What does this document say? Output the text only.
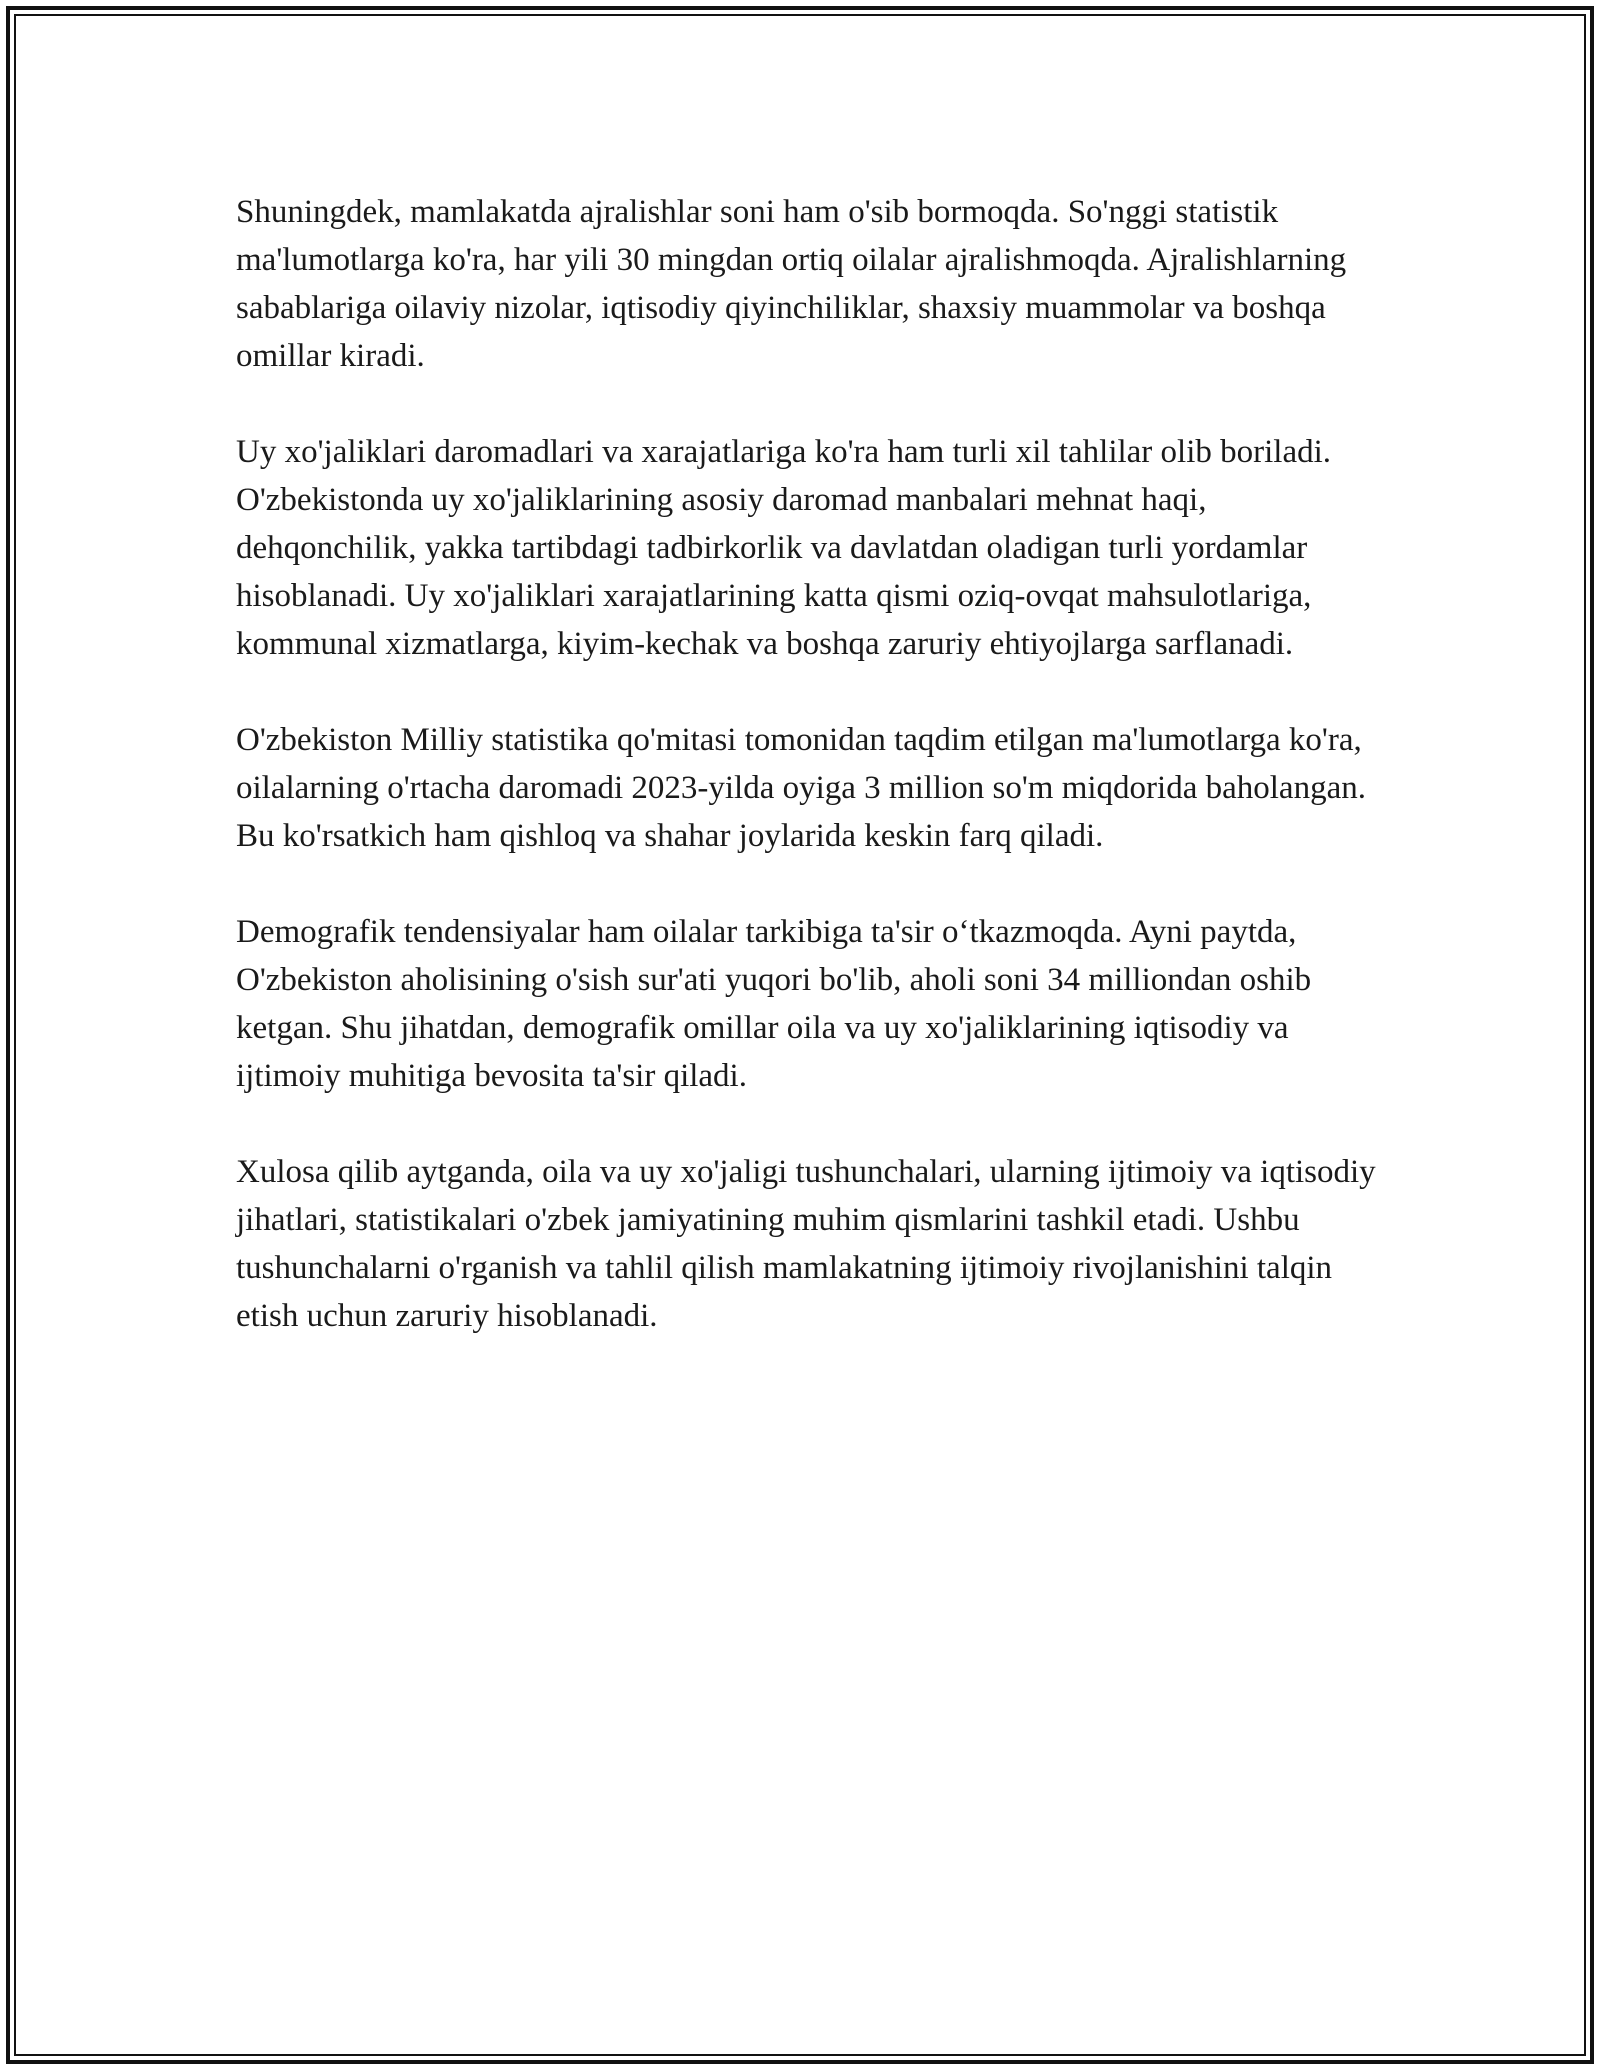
Shuningdek, mamlakatda ajralishlar soni ham o'sib bormoqda. So'nggi statistik ma'lumotlarga ko'ra, har yili 30 mingdan ortiq oilalar ajralishmoqda. Ajralishlarning sabablariga oilaviy nizolar, iqtisodiy qiyinchiliklar, shaxsiy muammolar va boshqa omillar kiradi.

Uy xo'jaliklari daromadlari va xarajatlariga ko'ra ham turli xil tahlilar olib boriladi. O'zbekistonda uy xo'jaliklarining asosiy daromad manbalari mehnat haqi, dehqonchilik, yakka tartibdagi tadbirkorlik va davlatdan oladigan turli yordamlar hisoblanadi. Uy xo'jaliklari xarajatlarining katta qismi oziq-ovqat mahsulotlariga, kommunal xizmatlarga, kiyim-kechak va boshqa zaruriy ehtiyojlarga sarflanadi.

O'zbekiston Milliy statistika qo'mitasi tomonidan taqdim etilgan ma'lumotlarga ko'ra, oilalarning o'rtacha daromadi 2023-yilda oyiga 3 million so'm miqdorida baholangan. Bu ko'rsatkich ham qishloq va shahar joylarida keskin farq qiladi.

Demografik tendensiyalar ham oilalar tarkibiga ta'sir o‘tkazmoqda. Ayni paytda, O'zbekiston aholisining o'sish sur'ati yuqori bo'lib, aholi soni 34 milliondan oshib ketgan. Shu jihatdan, demografik omillar oila va uy xo'jaliklarining iqtisodiy va ijtimoiy muhitiga bevosita ta'sir qiladi.

Xulosa qilib aytganda, oila va uy xo'jaligi tushunchalari, ularning ijtimoiy va iqtisodiy jihatlari, statistikalari o'zbek jamiyatining muhim qismlarini tashkil etadi. Ushbu tushunchalarni o'rganish va tahlil qilish mamlakatning ijtimoiy rivojlanishini talqin etish uchun zaruriy hisoblanadi.
